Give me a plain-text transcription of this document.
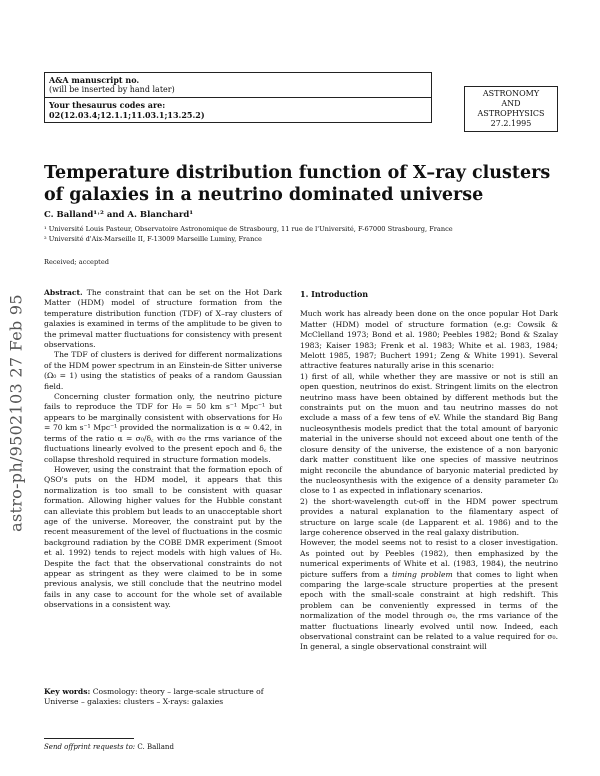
A&A manuscript no.
(will be inserted by hand later)
Your thesaurus codes are:
02(12.03.4;12.1.1;11.03.1;13.25.2)
ASTRONOMY
AND
ASTROPHYSICS
27.2.1995
astro-ph/9502103 27 Feb 95
Temperature distribution function of X–ray clusters of galaxies in a neutrino dominated universe
C. Balland¹˒² and A. Blanchard¹
¹ Université Louis Pasteur, Observatoire Astronomique de Strasbourg, 11 rue de l'Université, F-67000 Strasbourg, France
² Université d'Aix-Marseille II, F-13009 Marseille Luminy, France
Received; accepted

Abstract. The constraint that can be set on the Hot Dark Matter (HDM) model of structure formation from the temperature distribution function (TDF) of X–ray clusters of galaxies is examined in terms of the amplitude to be given to the primeval matter fluctuations for consistency with present observations.

The TDF of clusters is derived for different normalizations of the HDM power spectrum in an Einstein-de Sitter universe (Ω₀ = 1) using the statistics of peaks of a random Gaussian field.

Concerning cluster formation only, the neutrino picture fails to reproduce the TDF for H₀ = 50 km s⁻¹ Mpc⁻¹ but appears to be marginally consistent with observations for H₀ = 70 km s⁻¹ Mpc⁻¹ provided the normalization is α ≈ 0.42, in terms of the ratio α = σ₀/δ꜀ with σ₀ the rms variance of the fluctuations linearly evolved to the present epoch and δ꜀ the collapse threshold required in structure formation models.

However, using the constraint that the formation epoch of QSO's puts on the HDM model, it appears that this normalization is too small to be consistent with quasar formation. Allowing higher values for the Hubble constant can alleviate this problem but leads to an unacceptable short age of the universe. Moreover, the constraint put by the recent measurement of the level of fluctuations in the cosmic background radiation by the COBE DMR experiment (Smoot et al. 1992) tends to reject models with high values of H₀. Despite the fact that the observational constraints do not appear as stringent as they were claimed to be in some previous analysis, we still conclude that the neutrino model fails in any case to account for the whole set of available observations in a consistent way.

Key words: Cosmology: theory – large-scale structure of Universe – galaxies: clusters – X-rays: galaxies
Send offprint requests to: C. Balland
1. Introduction

Much work has already been done on the once popular Hot Dark Matter (HDM) model of structure formation (e.g: Cowsik & McClelland 1973; Bond et al. 1980; Peebles 1982; Bond & Szalay 1983; Kaiser 1983; Frenk et al. 1983; White et al. 1983, 1984; Melott 1985, 1987; Buchert 1991; Zeng & White 1991). Several attractive features naturally arise in this scenario:

1) first of all, while whether they are massive or not is still an open question, neutrinos do exist. Stringent limits on the electron neutrino mass have been obtained by different methods but the constraints put on the muon and tau neutrino masses do not exclude a mass of a few tens of eV. While the standard Big Bang nucleosynthesis models predict that the total amount of baryonic material in the universe should not exceed about one tenth of the closure density of the universe, the existence of a non baryonic dark matter constituent like one species of massive neutrinos might reconcile the abundance of baryonic material predicted by the nucleosynthesis with the exigence of a density parameter Ω₀ close to 1 as expected in inflationary scenarios.

2) the short-wavelength cut-off in the HDM power spectrum provides a natural explanation to the filamentary aspect of structure on large scale (de Lapparent et al. 1986) and to the large coherence observed in the real galaxy distribution.

However, the model seems not to resist to a closer investigation. As pointed out by Peebles (1982), then emphasized by the numerical experiments of White et al. (1983, 1984), the neutrino picture suffers from a timing problem that comes to light when comparing the large-scale structure properties at the present epoch with the small-scale constraint at high redshift. This problem can be conveniently expressed in terms of the normalization of the model through σ₀, the rms variance of the matter fluctuations linearly evolved until now. Indeed, each observational constraint can be related to a value required for σ₀. In general, a single observational constraint will
